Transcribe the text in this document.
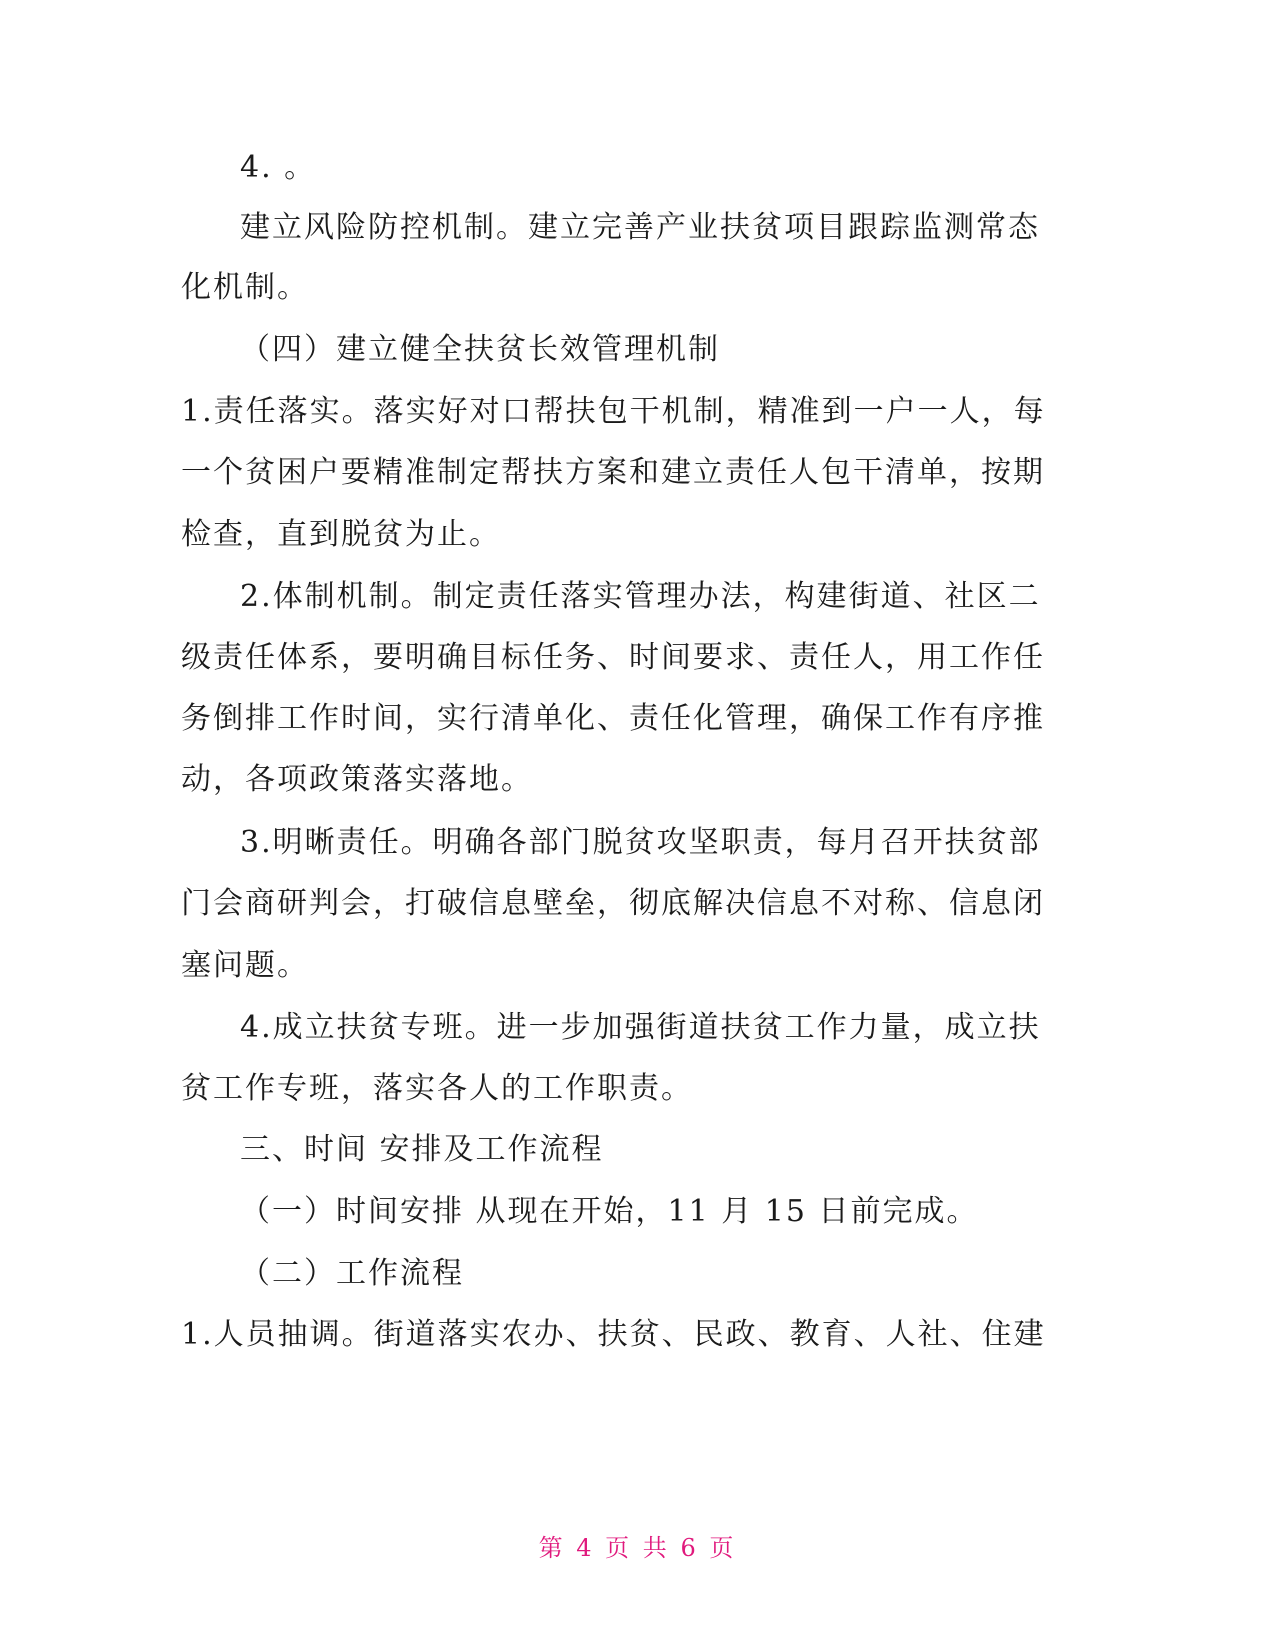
4. 。
建立风险防控机制。建立完善产业扶贫项目跟踪监测常态
化机制。
（四）建立健全扶贫长效管理机制
1.责任落实。落实好对口帮扶包干机制，精准到一户一人，每
一个贫困户要精准制定帮扶方案和建立责任人包干清单，按期
检查，直到脱贫为止。
2.体制机制。制定责任落实管理办法，构建街道、社区二
级责任体系，要明确目标任务、时间要求、责任人，用工作任
务倒排工作时间，实行清单化、责任化管理，确保工作有序推
动，各项政策落实落地。
3.明晰责任。明确各部门脱贫攻坚职责，每月召开扶贫部
门会商研判会，打破信息壁垒，彻底解决信息不对称、信息闭
塞问题。
4.成立扶贫专班。进一步加强街道扶贫工作力量，成立扶
贫工作专班，落实各人的工作职责。
三、时间 安排及工作流程
（一）时间安排 从现在开始，11 月 15 日前完成。
（二）工作流程
1.人员抽调。街道落实农办、扶贫、民政、教育、人社、住建
第 4 页 共 6 页
